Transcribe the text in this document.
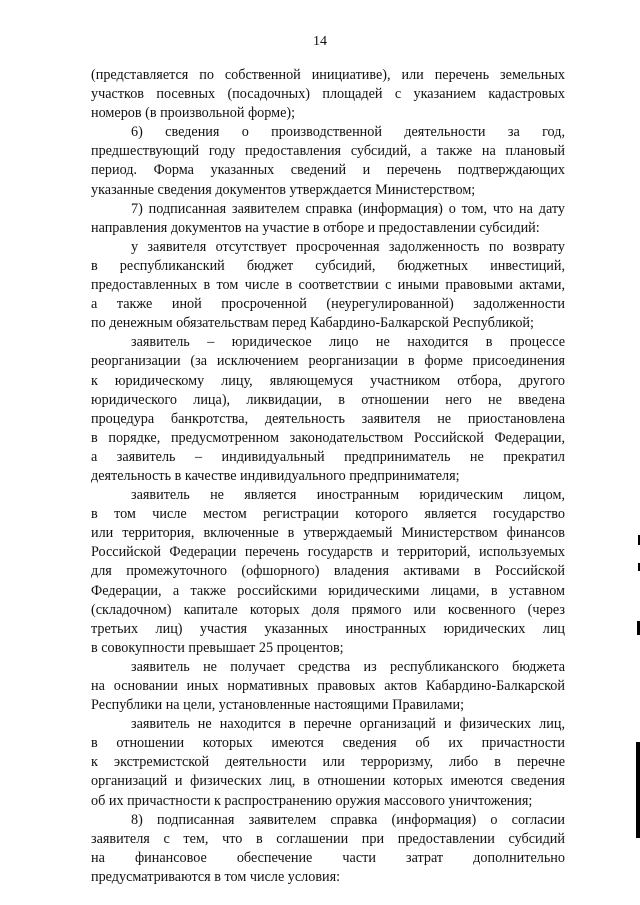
14
(представляется по собственной инициативе), или перечень земельных
участков посевных (посадочных) площадей с указанием кадастровых
номеров (в произвольной форме);
6) сведения о производственной деятельности за год,
предшествующий году предоставления субсидий, а также на плановый
период. Форма указанных сведений и перечень подтверждающих
указанные сведения документов утверждается Министерством;
7) подписанная заявителем справка (информация) о том, что на дату
направления документов на участие в отборе и предоставлении субсидий:
у заявителя отсутствует просроченная задолженность по возврату
в республиканский бюджет субсидий, бюджетных инвестиций,
предоставленных в том числе в соответствии с иными правовыми актами,
а также иной просроченной (неурегулированной) задолженности
по денежным обязательствам перед Кабардино-Балкарской Республикой;
заявитель – юридическое лицо не находится в процессе
реорганизации (за исключением реорганизации в форме присоединения
к юридическому лицу, являющемуся участником отбора, другого
юридического лица), ликвидации, в отношении него не введена
процедура банкротства, деятельность заявителя не приостановлена
в порядке, предусмотренном законодательством Российской Федерации,
а заявитель – индивидуальный предприниматель не прекратил
деятельность в качестве индивидуального предпринимателя;
заявитель не является иностранным юридическим лицом,
в том числе местом регистрации которого является государство
или территория, включенные в утверждаемый Министерством финансов
Российской Федерации перечень государств и территорий, используемых
для промежуточного (офшорного) владения активами в Российской
Федерации, а также российскими юридическими лицами, в уставном
(складочном) капитале которых доля прямого или косвенного (через
третьих лиц) участия указанных иностранных юридических лиц
в совокупности превышает 25 процентов;
заявитель не получает средства из республиканского бюджета
на основании иных нормативных правовых актов Кабардино-Балкарской
Республики на цели, установленные настоящими Правилами;
заявитель не находится в перечне организаций и физических лиц,
в отношении которых имеются сведения об их причастности
к экстремистской деятельности или терроризму, либо в перечне
организаций и физических лиц, в отношении которых имеются сведения
об их причастности к распространению оружия массового уничтожения;
8) подписанная заявителем справка (информация) о согласии
заявителя с тем, что в соглашении при предоставлении субсидий
на финансовое обеспечение части затрат дополнительно
предусматриваются в том числе условия:
